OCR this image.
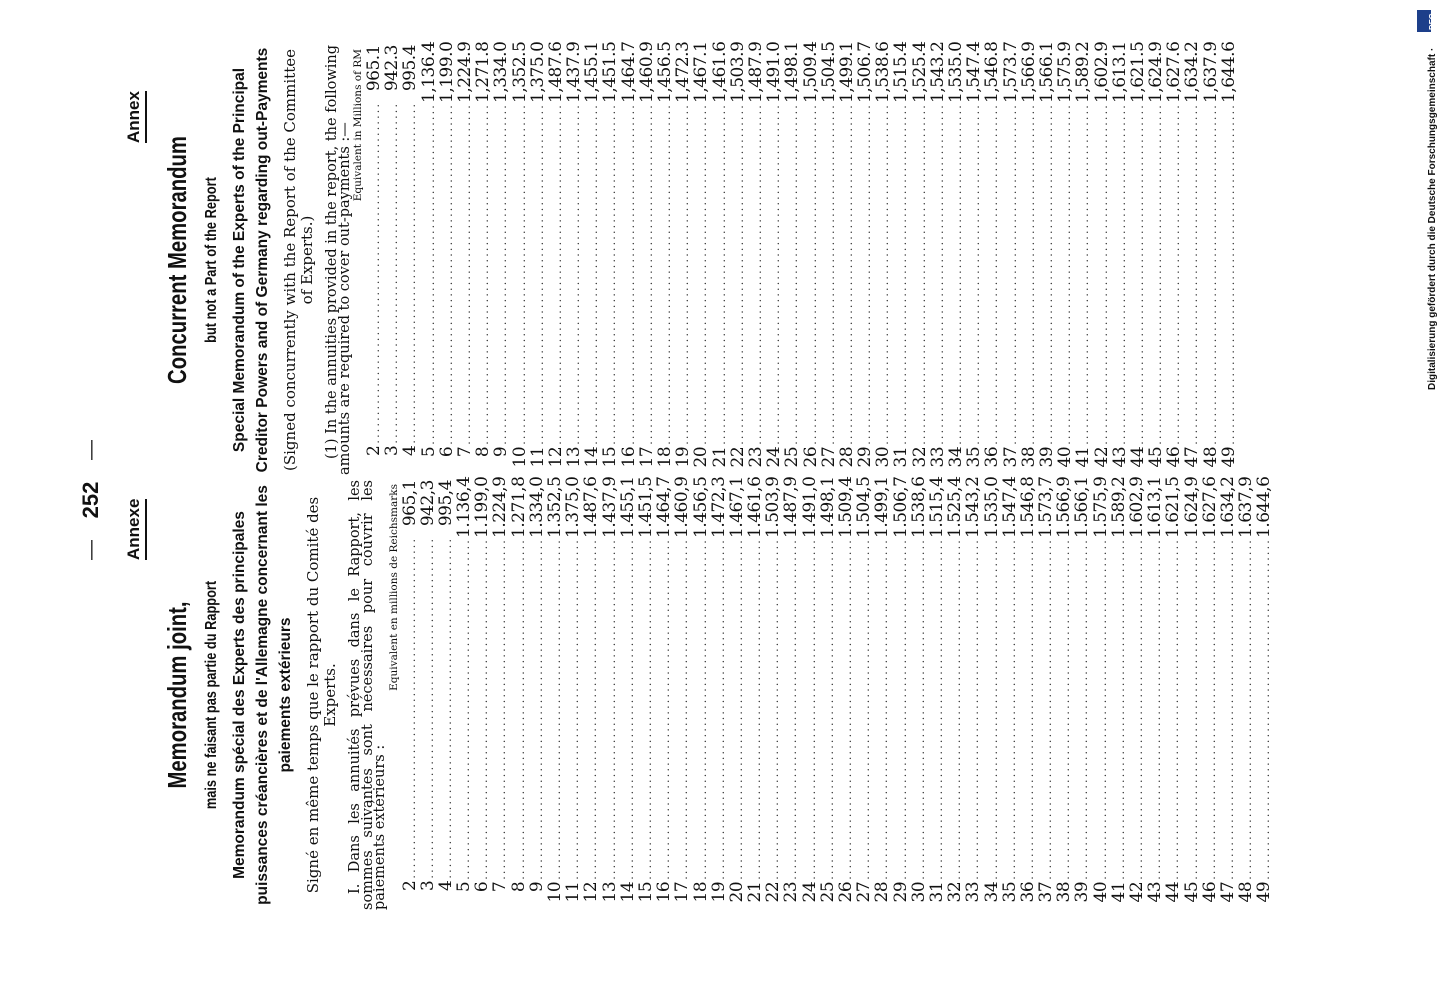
—
252
—
Annexe
Annex
Memorandum joint, mais ne faisant pas partie du Rapport Memorandum spécial des Experts des principales puissances créancières et de l'Allemagne concernant les paiements extérieurs Signé en même temps que le rapport du Comité des Experts. I. Dans les annuités prévues dans le Rapport, les sommes suivantes sont nécessaires pour couvrir les paiements extérieurs :
Equivalent en millions de Reichsmarks
2
............................................................
965,1
3
............................................................
942,3
4
............................................................
995,4
5
............................................................
1.136,4
6
............................................................
1.199,0
7
............................................................
1.224,9
8
............................................................
1.271,8
9
............................................................
1.334,0
10
............................................................
1.352,5
11
............................................................
1.375,0
12
............................................................
1.487,6
13
............................................................
1.437,9
14
............................................................
1.455,1
15
............................................................
1.451,5
16
............................................................
1.464,7
17
............................................................
1.460,9
18
............................................................
1.456,5
19
............................................................
1.472,3
20
............................................................
1.467,1
21
............................................................
1.461,6
22
............................................................
1.503,9
23
............................................................
1.487,9
24
............................................................
1.491,0
25
............................................................
1.498,1
26
............................................................
1.509,4
27
............................................................
1.504,5
28
............................................................
1.499,1
29
............................................................
1.506,7
30
............................................................
1.538,6
31
............................................................
1.515,4
32
............................................................
1.525,4
33
............................................................
1.543,2
34
............................................................
1.535,0
35
............................................................
1.547,4
36
............................................................
1.546,8
37
............................................................
1.573,7
38
............................................................
1.566,9
39
............................................................
1.566,1
40
............................................................
1.575,9
41
............................................................
1.589,2
42
............................................................
1.602,9
43
............................................................
1.613,1
44
............................................................
1.621,5
45
............................................................
1.624,9
46
............................................................
1.627,6
47
............................................................
1.634,2
48
............................................................
1.637,9
49
............................................................
1.644,6
Concurrent Memorandum but not a Part of the Report Special Memorandum of the Experts of the Principal Creditor Powers and of Germany regarding out-Payments (Signed concurrently with the Report of the Committee of Experts.) (1) In the annuities provided in the report, the following amounts are required to cover out-payments :— Equivalent in Millions of RM
2
............................................................
965.1
3
............................................................
942.3
4
............................................................
995.4
5
............................................................
1,136.4
6
............................................................
1,199.0
7
............................................................
1,224.9
8
............................................................
1,271.8
9
............................................................
1,334.0
10
............................................................
1,352.5
11
............................................................
1,375.0
12
............................................................
1,487.6
13
............................................................
1,437.9
14
............................................................
1,455.1
15
............................................................
1,451.5
16
............................................................
1,464.7
17
............................................................
1,460.9
18
............................................................
1,456.5
19
............................................................
1,472.3
20
............................................................
1,467.1
21
............................................................
1,461.6
22
............................................................
1,503.9
23
............................................................
1,487.9
24
............................................................
1,491.0
25
............................................................
1,498.1
26
............................................................
1,509.4
27
............................................................
1,504.5
28
............................................................
1,499.1
29
............................................................
1,506.7
30
............................................................
1,538.6
31
............................................................
1,515.4
32
............................................................
1,525.4
33
............................................................
1,543.2
34
............................................................
1,535.0
35
............................................................
1,547.4
36
............................................................
1,546.8
37
............................................................
1,573.7
38
............................................................
1,566.9
39
............................................................
1,566.1
40
............................................................
1,575.9
41
............................................................
1,589.2
42
............................................................
1,602.9
43
............................................................
1,613.1
44
............................................................
1,621.5
45
............................................................
1,624.9
46
............................................................
1,627.6
47
............................................................
1,634.2
48
............................................................
1,637.9
49
............................................................
1,644.6	Digitalisierung gefördert durch die Deutsche Forschungsgemeinschaft ·
DFG
